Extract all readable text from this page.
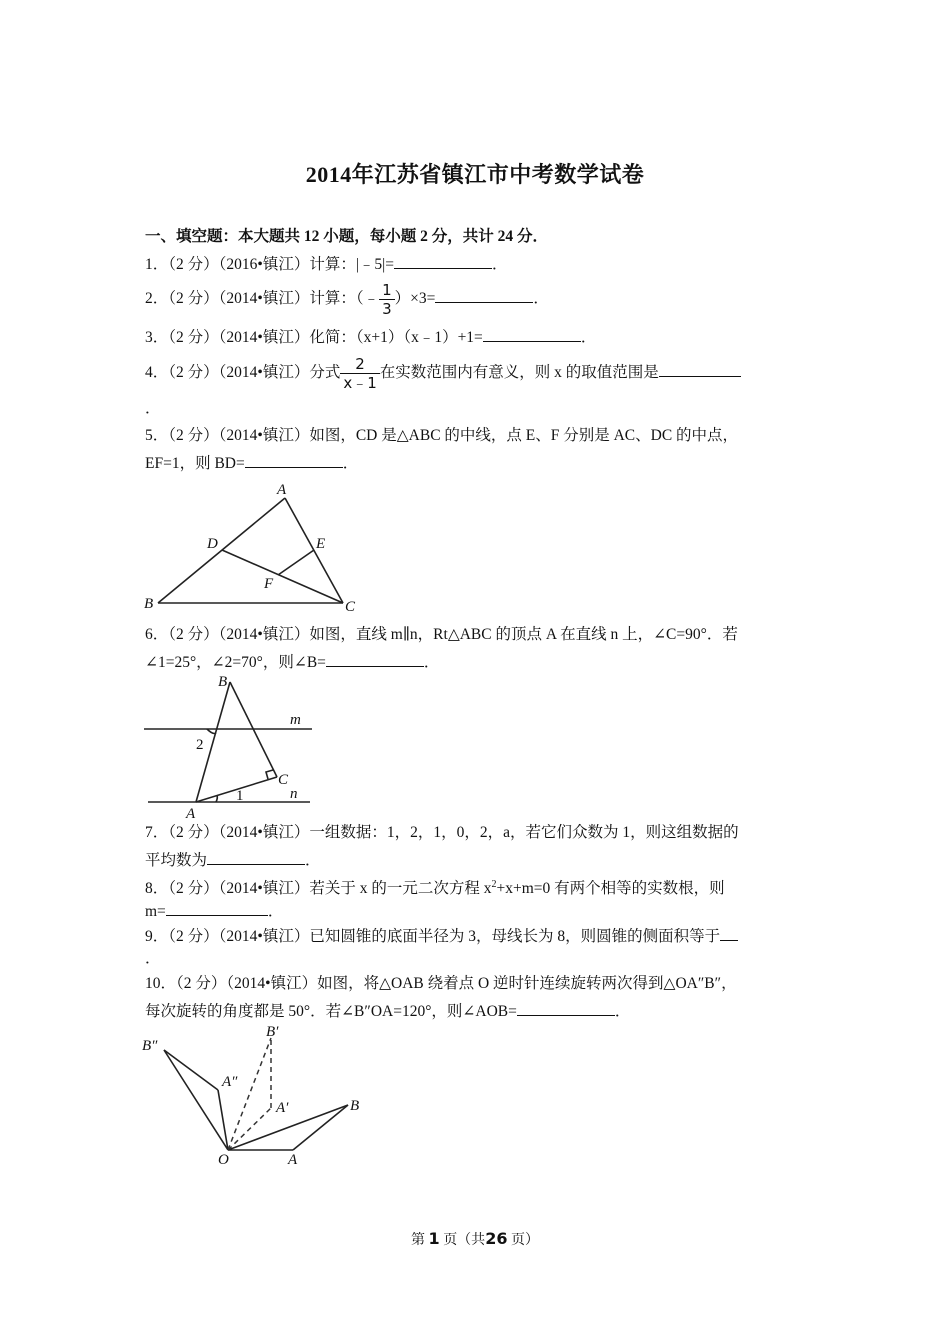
2014年江苏省镇江市中考数学试卷
一、填空题：本大题共 12 小题，每小题 2 分，共计 24 分．
1．（2 分）（2016•镇江）计算：|﹣5|=	．
2．（2 分）（2014•镇江）计算：（﹣ $\frac{1}{3} )\times 3=$	．
3．（2 分）（2014•镇江）化简：（x+1）（x﹣1）+1=	．
4．（2 分）（2014•镇江）分式 $\frac{2}{x﹣1}$ 在实数范围内有意义，则 x 的取值范围是
．
5．（2 分）（2014•镇江）如图，CD 是△ABC 的中线，点 E、F 分别是 AC、DC 的中点，
EF=1，则 BD=	．
A
B	C
D	E
F
6．（2 分）（2014•镇江）如图，直线 m∥n，Rt△ABC 的顶点 A 在直线 n 上，∠C=90°．若
∠1=25°，∠2=70°，则∠B=	．
B
A
C
m
n
2
1
7．（2 分）（2014•镇江）一组数据：1，2，1，0，2，a，若它们众数为 1，则这组数据的
平均数为	．
8．（2 分）（2014•镇江）若关于 x 的一元二次方程 $x^2+x+m=0$ 有两个相等的实数根，则
m=	．
9．（2 分）（2014•镇江）已知圆锥的底面半径为 3，母线长为 8，则圆锥的侧面积等于
．
10．（2 分）（2014•镇江）如图，将△OAB 绕着点 O 逆时针连续旋转两次得到△OA″B″，
每次旋转的角度都是 50°．若∠B″OA=120°，则∠AOB=	．
O	A
B
A′
B′
A″
B″
第 1 页（共26 页）
